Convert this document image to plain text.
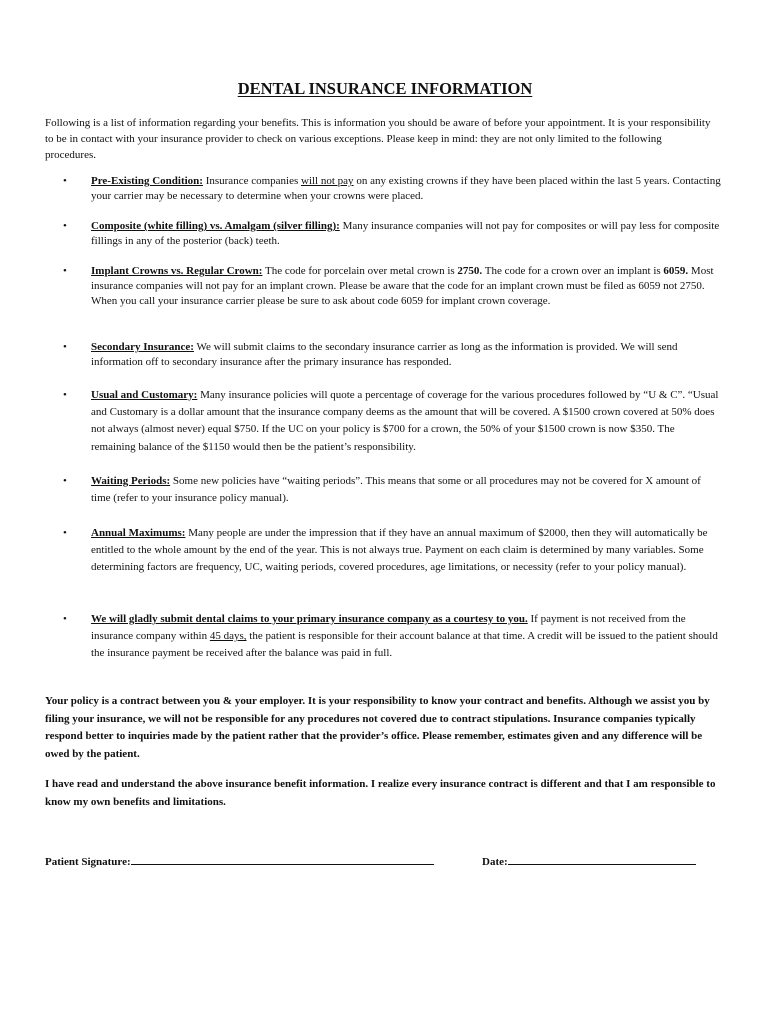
DENTAL INSURANCE INFORMATION
Following is a list of information regarding your benefits. This is information you should be aware of before your appointment. It is your responsibility to be in contact with your insurance provider to check on various exceptions. Please keep in mind: they are not only limited to the following procedures.
• Pre-Existing Condition: Insurance companies will not pay on any existing crowns if they have been placed within the last 5 years. Contacting your carrier may be necessary to determine when your crowns were placed.
• Composite (white filling) vs. Amalgam (silver filling): Many insurance companies will not pay for composites or will pay less for composite fillings in any of the posterior (back) teeth.
• Implant Crowns vs. Regular Crown: The code for porcelain over metal crown is 2750. The code for a crown over an implant is 6059. Most insurance companies will not pay for an implant crown. Please be aware that the code for an implant crown must be filed as 6059 not 2750. When you call your insurance carrier please be sure to ask about code 6059 for implant crown coverage.
• Secondary Insurance: We will submit claims to the secondary insurance carrier as long as the information is provided. We will send information off to secondary insurance after the primary insurance has responded.
• Usual and Customary: Many insurance policies will quote a percentage of coverage for the various procedures followed by “U & C”. “Usual and Customary is a dollar amount that the insurance company deems as the amount that will be covered. A $1500 crown covered at 50% does not always (almost never) equal $750. If the UC on your policy is $700 for a crown, the 50% of your $1500 crown is now $350. The remaining balance of the $1150 would then be the patient’s responsibility.
• Waiting Periods: Some new policies have “waiting periods”. This means that some or all procedures may not be covered for X amount of time (refer to your insurance policy manual).
• Annual Maximums: Many people are under the impression that if they have an annual maximum of $2000, then they will automatically be entitled to the whole amount by the end of the year. This is not always true. Payment on each claim is determined by many variables. Some determining factors are frequency, UC, waiting periods, covered procedures, age limitations, or necessity (refer to your policy manual).
• We will gladly submit dental claims to your primary insurance company as a courtesy to you. If payment is not received from the insurance company within 45 days, the patient is responsible for their account balance at that time. A credit will be issued to the patient should the insurance payment be received after the balance was paid in full.
Your policy is a contract between you & your employer. It is your responsibility to know your contract and benefits. Although we assist you by filing your insurance, we will not be responsible for any procedures not covered due to contract stipulations. Insurance companies typically respond better to inquiries made by the patient rather that the provider’s office. Please remember, estimates given and any difference will be owed by the patient.
I have read and understand the above insurance benefit information. I realize every insurance contract is different and that I am responsible to know my own benefits and limitations.
Patient Signature:	Date:
